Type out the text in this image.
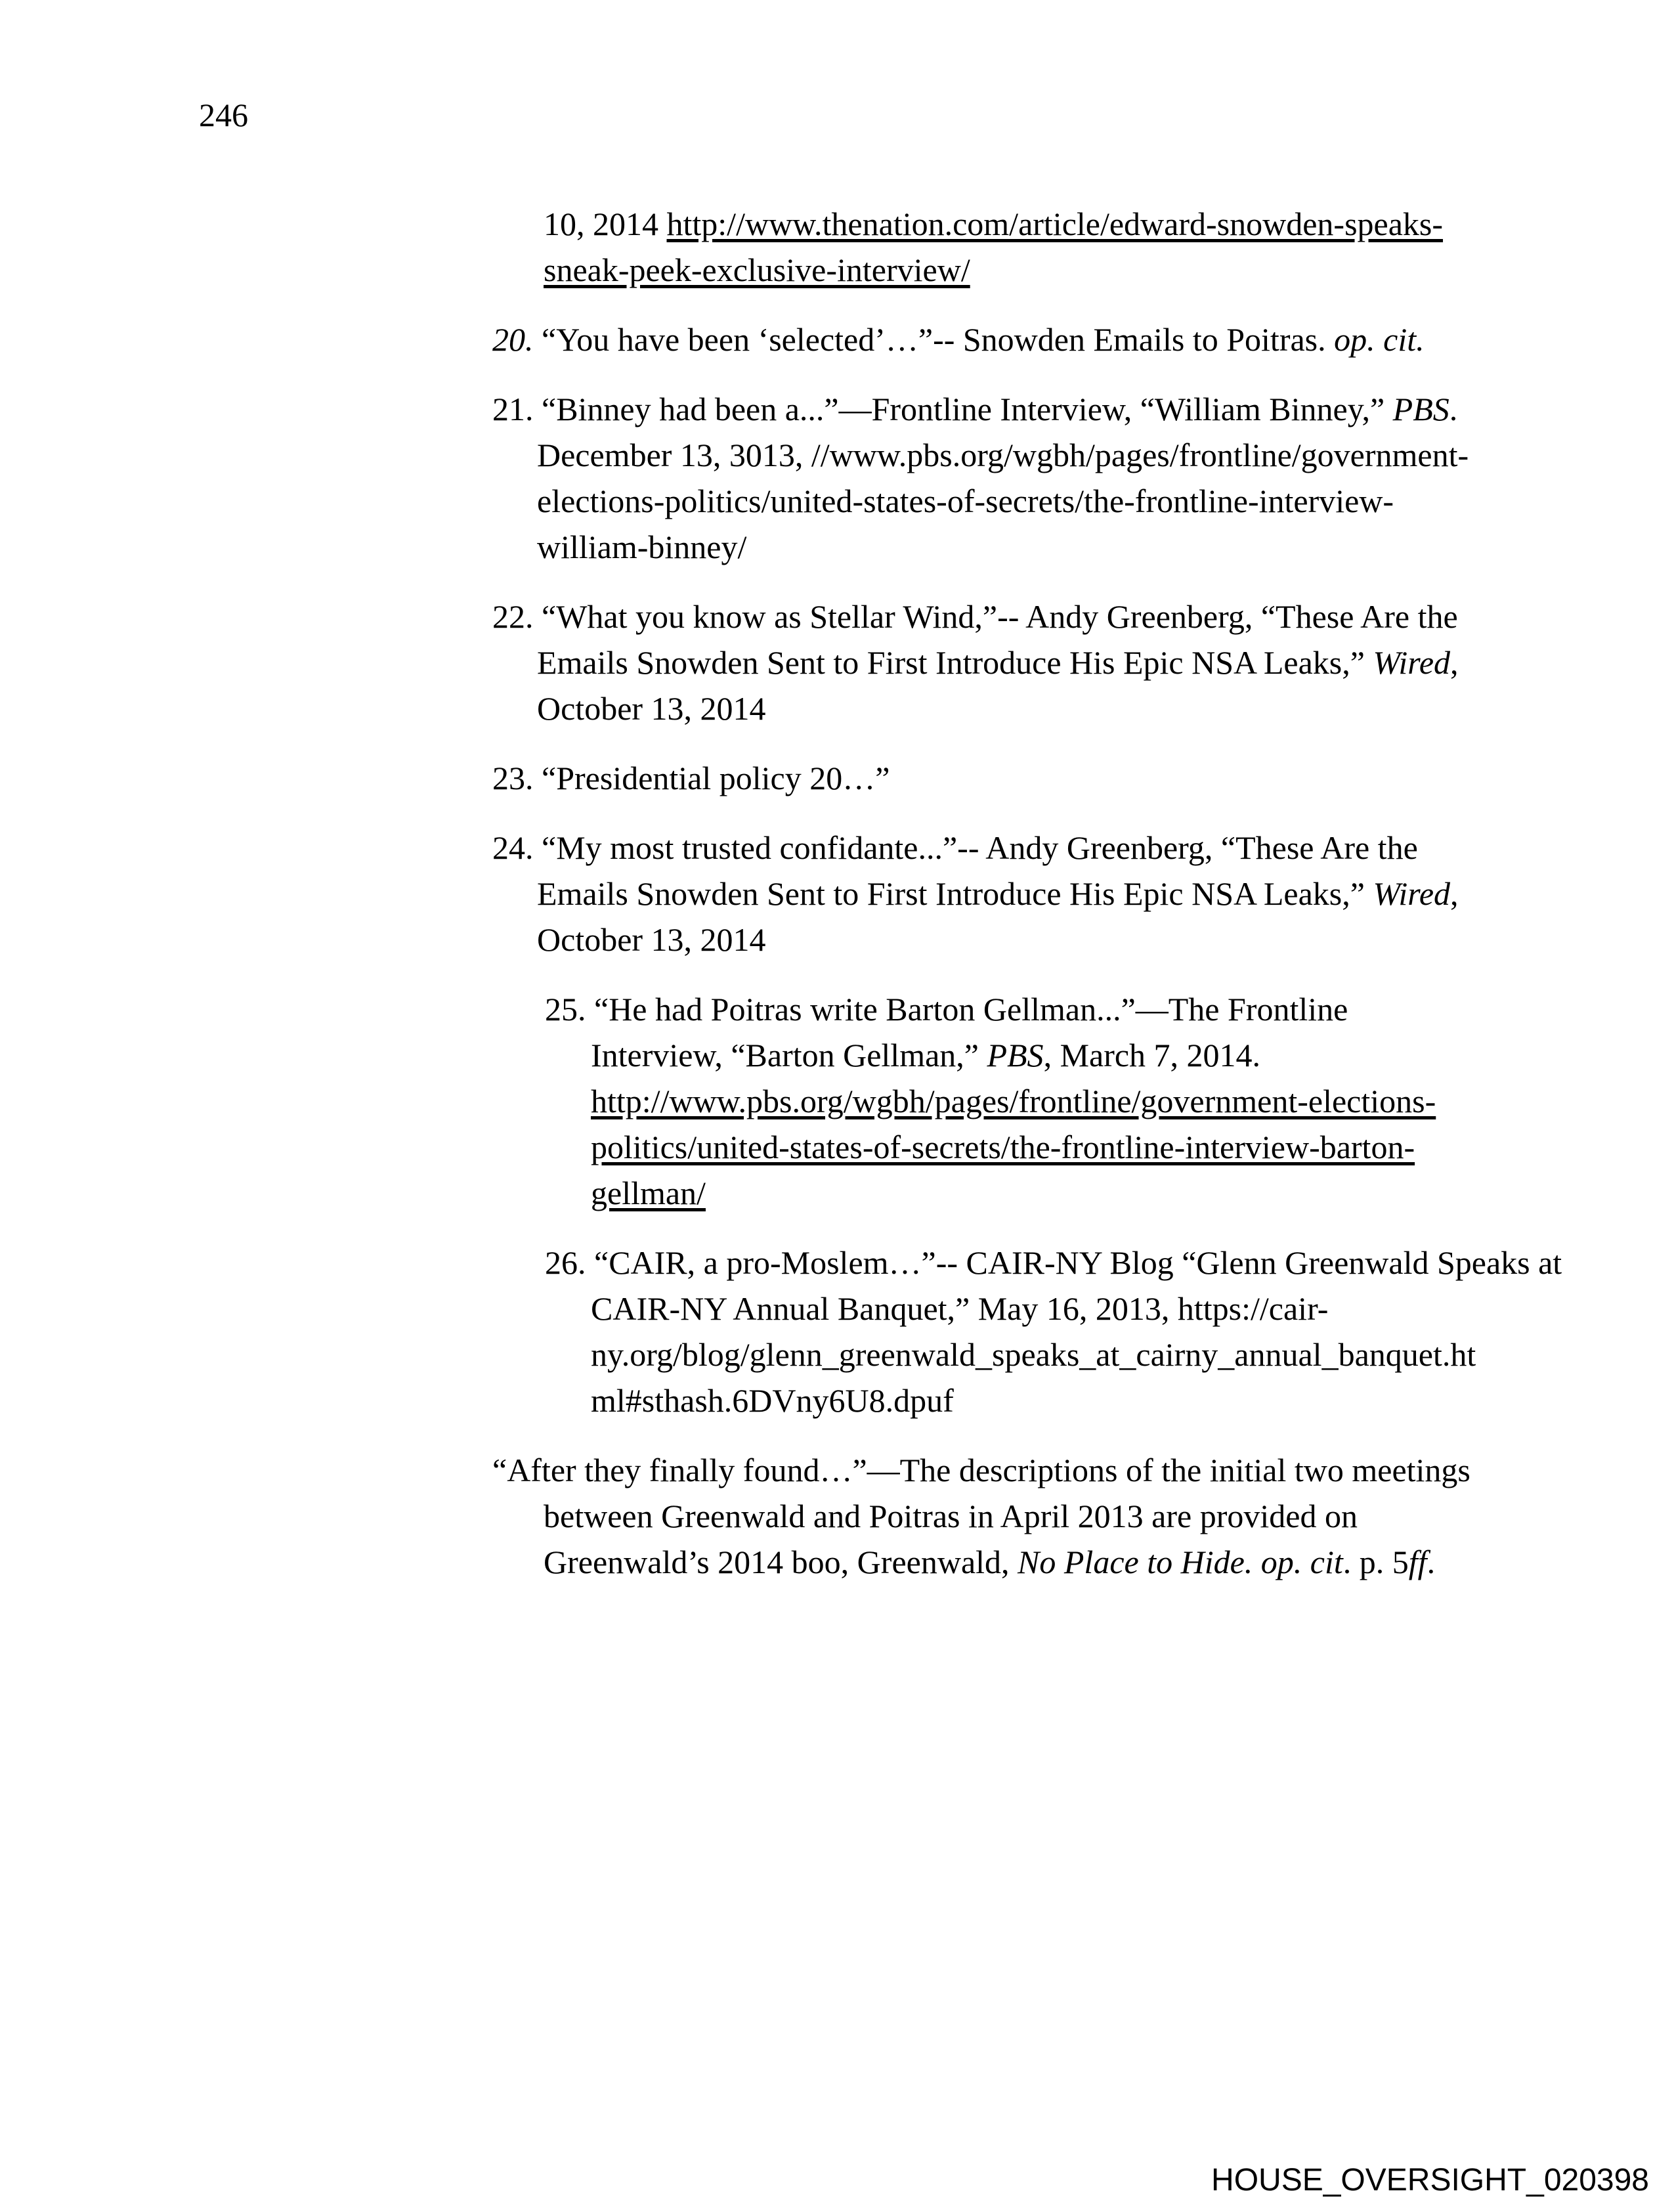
246
10, 2014 http://www.thenation.com/article/edward-snowden-speaks-
sneak-peek-exclusive-interview/
20. “You have been ‘selected’…”-- Snowden Emails to Poitras. op. cit.
21. “Binney had been a...”—Frontline Interview, “William Binney,” PBS.
December 13, 3013, //www.pbs.org/wgbh/pages/frontline/government-
elections-politics/united-states-of-secrets/the-frontline-interview-
william-binney/
22. “What you know as Stellar Wind,”-- Andy Greenberg, “These Are the
Emails Snowden Sent to First Introduce His Epic NSA Leaks,” Wired,
October 13, 2014
23. “Presidential policy 20…”
24. “My most trusted confidante...”-- Andy Greenberg, “These Are the
Emails Snowden Sent to First Introduce His Epic NSA Leaks,” Wired,
October 13, 2014
25. “He had Poitras write Barton Gellman...”—The Frontline
Interview, “Barton Gellman,” PBS, March 7, 2014.
http://www.pbs.org/wgbh/pages/frontline/government-elections-
politics/united-states-of-secrets/the-frontline-interview-barton-
gellman/
26. “CAIR, a pro-Moslem…”-- CAIR-NY Blog “Glenn Greenwald Speaks at
CAIR-NY Annual Banquet,” May 16, 2013, https://cair-
ny.org/blog/glenn_greenwald_speaks_at_cairny_annual_banquet.ht
ml#sthash.6DVny6U8.dpuf
“After they finally found…”—The descriptions of the initial two meetings
between Greenwald and Poitras in April 2013 are provided on
Greenwald’s 2014 boo, Greenwald, No Place to Hide. op. cit. p. 5ff.
HOUSE_OVERSIGHT_020398
